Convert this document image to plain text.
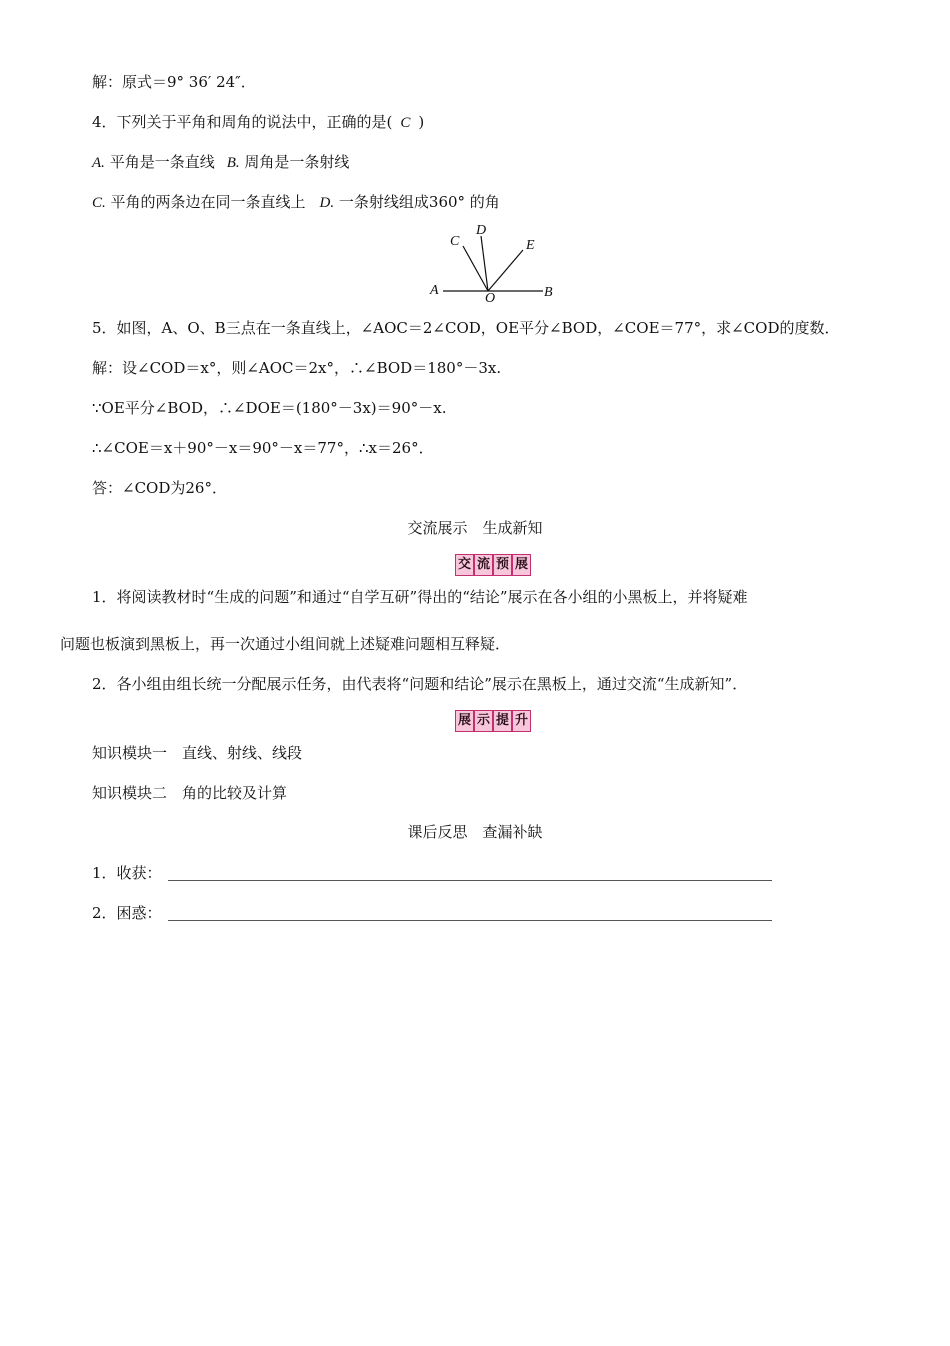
解：原式＝9° 36′ 24″．
4．下列关于平角和周角的说法中，正确的是( C )
A. 平角是一条直线 B. 周角是一条射线
C. 平角的两条边在同一条直线上 D. 一条射线组成360° 的角
A	B
O
C
D
E
5．如图，A、O、B三点在一条直线上，∠AOC＝2∠COD，OE平分∠BOD，∠COE＝77°，求∠COD的度数．
解：设∠COD＝x°，则∠AOC＝2x°，∴∠BOD＝180°－3x.
∵OE平分∠BOD，∴∠DOE＝(180°－3x)＝90°－x.
∴∠COE＝x＋90°－x＝90°－x＝77°，∴x＝26°．
答：∠COD为26°．
交流展示　生成新知
交 流 预 展
1．将阅读教材时“生成的问题”和通过“自学互研”得出的“结论”展示在各小组的小黑板上，并将疑难
问题也板演到黑板上，再一次通过小组间就上述疑难问题相互释疑．
2．各小组由组长统一分配展示任务，由代表将“问题和结论”展示在黑板上，通过交流“生成新知”．
展 示 提 升
知识模块一　直线、射线、线段
知识模块二　角的比较及计算
课后反思　查漏补缺
1．收获：
2．困惑：
